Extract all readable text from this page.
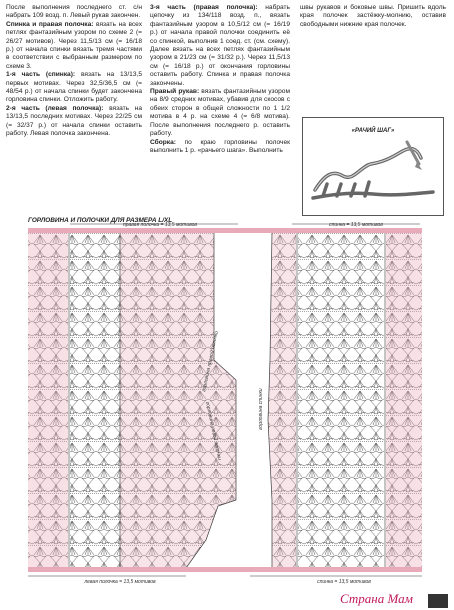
После выполнения последнего ст. с/н набрать 109 возд. п. Левый рукав закончен.

Спинка и правая полочка: вязать на всех петлях фантазийным узором по схеме 2 (= 26/27 мотивов). Через 11,5/13 см (= 16/18 р.) от начала спинки вязать тремя частями в соответствии с выбранным размером по схеме 3.

1-я часть (спинка): вязать на 13/13,5 первых мотивах. Через 32,5/36,5 см (= 48/54 р.) от начала спинки будет закончена горловина спинки. Отложить работу.

2-я часть (левая полочка): вязать на 13/13,5 последних мотивах. Через 22/25 см (= 32/37 р.) от начала спинки оставить работу. Левая полочка закончена.

3-я часть (правая полочка): набрать цепочку из 134/118 возд. п., вязать фантазийным узором в 10,5/12 см (= 16/19 р.) от начала правой полочки соединить её со спинкой, выполнив 1 соед. ст. (см. схему). Далее вязать на всех петлях фантазийным узором в 21/23 см (= 31/32 р.). Через 11,5/13 см (= 16/18 р.) от окончания горловины оставить работу. Спинка и правая полочка закончены.

Правый рукав: вязать фантазийным узором на 8/9 средних мотивах, убавив для скосов с обеих сторон в общей сложности по 1 1/2 мотива в 4 р. на схеме 4 (= 6/8 мотива). После выполнения последнего р. оставить работу.

Сборка: по краю горловины полочек выполнить 1 р. «рачьего шага». Выполнить

швы рукавов и боковые швы. Пришить вдоль края полочек застёжку-молнию, оставив свободными нижние края полочек.

«РАЧИЙ ШАГ»
ГОРЛОВИНА И ПОЛОЧКИ ДЛЯ РАЗМЕРА L/XL
правая полочка = 13,5 мотивов	спинка = 13,5 мотивов
левая полочка = 13,5 мотивов	спинка = 13,5 мотивов
горловина правой полочки
горловина левой полочки	горловина спинки
Страна Мам
